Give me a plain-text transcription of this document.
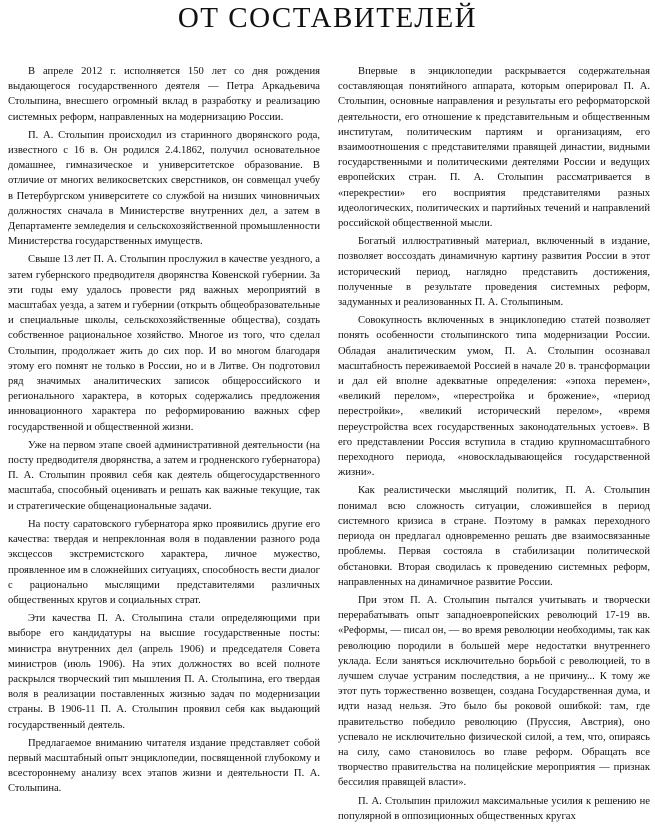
ОТ СОСТАВИТЕЛЕЙ

В апреле 2012 г. исполняется 150 лет со дня рождения выдающегося государственного деятеля — Петра Аркадьевича Столыпина, внесшего огромный вклад в разработку и реализацию системных реформ, направленных на модернизацию России.

П. А. Столыпин происходил из старинного дворянского рода, известного с 16 в. Он родился 2.4.1862, получил основательное домашнее, гимназическое и университетское образование. В отличие от многих великосветских сверстников, он совмещал учебу в Петербургском университете со службой на низших чиновничьих должностях сначала в Министерстве внутренних дел, а затем в Департаменте земледелия и сельскохозяйственной промышленности Министерства государственных имуществ.

Свыше 13 лет П. А. Столыпин прослужил в качестве уездного, а затем губернского предводителя дворянства Ковенской губернии. За эти годы ему удалось провести ряд важных мероприятий в масштабах уезда, а затем и губернии (открыть общеобразовательные и специальные школы, сельскохозяйственные общества), создать собственное рациональное хозяйство. Многое из того, что сделал Столыпин, продолжает жить до сих пор. И во многом благодаря этому его помнят не только в России, но и в Литве. Он подготовил ряд значимых аналитических записок общероссийского и регионального характера, в которых содержались предложения инновационного характера по реформированию важных сфер государственной и общественной жизни.

Уже на первом этапе своей административной деятельности (на посту предводителя дворянства, а затем и гродненского губернатора) П. А. Столыпин проявил себя как деятель общегосударственного масштаба, способный оценивать и решать как важные текущие, так и стратегические общенациональные задачи.

На посту саратовского губернатора ярко проявились другие его качества: твердая и непреклонная воля в подавлении разного рода эксцессов экстремистского характера, личное мужество, проявленное им в сложнейших ситуациях, способность вести диалог с рационально мыслящими представителями различных общественных кругов и социальных страт.

Эти качества П. А. Столыпина стали определяющими при выборе его кандидатуры на высшие государственные посты: министра внутренних дел (апрель 1906) и председателя Совета министров (июль 1906). На этих должностях во всей полноте раскрылся творческий тип мышления П. А. Столыпина, его твердая воля в реализации поставленных жизнью задач по модернизации страны. В 1906-11 П. А. Столыпин проявил себя как выдающий государственный деятель.

Предлагаемое вниманию читателя издание представляет собой первый масштабный опыт энциклопедии, посвященной глубокому и всестороннему анализу всех этапов жизни и деятельности П. А. Столыпина.

Впервые в энциклопедии раскрывается содержательная составляющая понятийного аппарата, которым оперировал П. А. Столыпин, основные направления и результаты его реформаторской деятельности, его отношение к представительным и общественным институтам, политическим партиям и организациям, его взаимоотношения с представителями правящей династии, видными государственными и политическими деятелями России и ведущих европейских стран. П. А. Столыпин рассматривается в «перекрестии» его восприятия представителями разных идеологических, политических и партийных течений и направлений российской общественной мысли.

Богатый иллюстративный материал, включенный в издание, позволяет воссоздать динамичную картину развития России в этот исторический период, наглядно представить достижения, полученные в результате проведения системных реформ, задуманных и реализованных П. А. Столыпиным.

Совокупность включенных в энциклопедию статей позволяет понять особенности столыпинского типа модернизации России. Обладая аналитическим умом, П. А. Столыпин осознавал масштабность переживаемой Россией в начале 20 в. трансформации и дал ей вполне адекватные определения: «эпоха перемен», «великий перелом», «перестройка и брожение», «период перестройки», «великий исторический перелом», «время переустройства всех государственных законодательных устоев». В его представлении Россия вступила в стадию крупномасштабного переходного периода, «новоскладывающейся государственной жизни».

Как реалистически мыслящий политик, П. А. Столыпин понимал всю сложность ситуации, сложившейся в период системного кризиса в стране. Поэтому в рамках переходного периода он предлагал одновременно решать две взаимосвязанные проблемы. Первая состояла в стабилизации политической обстановки. Вторая сводилась к проведению системных реформ, направленных на динамичное развитие России.

При этом П. А. Столыпин пытался учитывать и творчески перерабатывать опыт западноевропейских революций 17-19 вв. «Реформы, — писал он, — во время революции необходимы, так как революцию породили в большей мере недостатки внутреннего уклада. Если заняться исключительно борьбой с революцией, то в лучшем случае устраним последствия, а не причину... К тому же этот путь торжественно возвещен, создана Государственная дума, и идти назад нельзя. Это было бы роковой ошибкой: там, где правительство победило революцию (Пруссия, Австрия), оно успевало не исключительно физической силой, а тем, что, опираясь на силу, само становилось во главе реформ. Обращать все творчество правительства на полицейские мероприятия — признак бессилия правящей власти».

П. А. Столыпин приложил максимальные усилия к решению не популярной в оппозиционных общественных кругах
